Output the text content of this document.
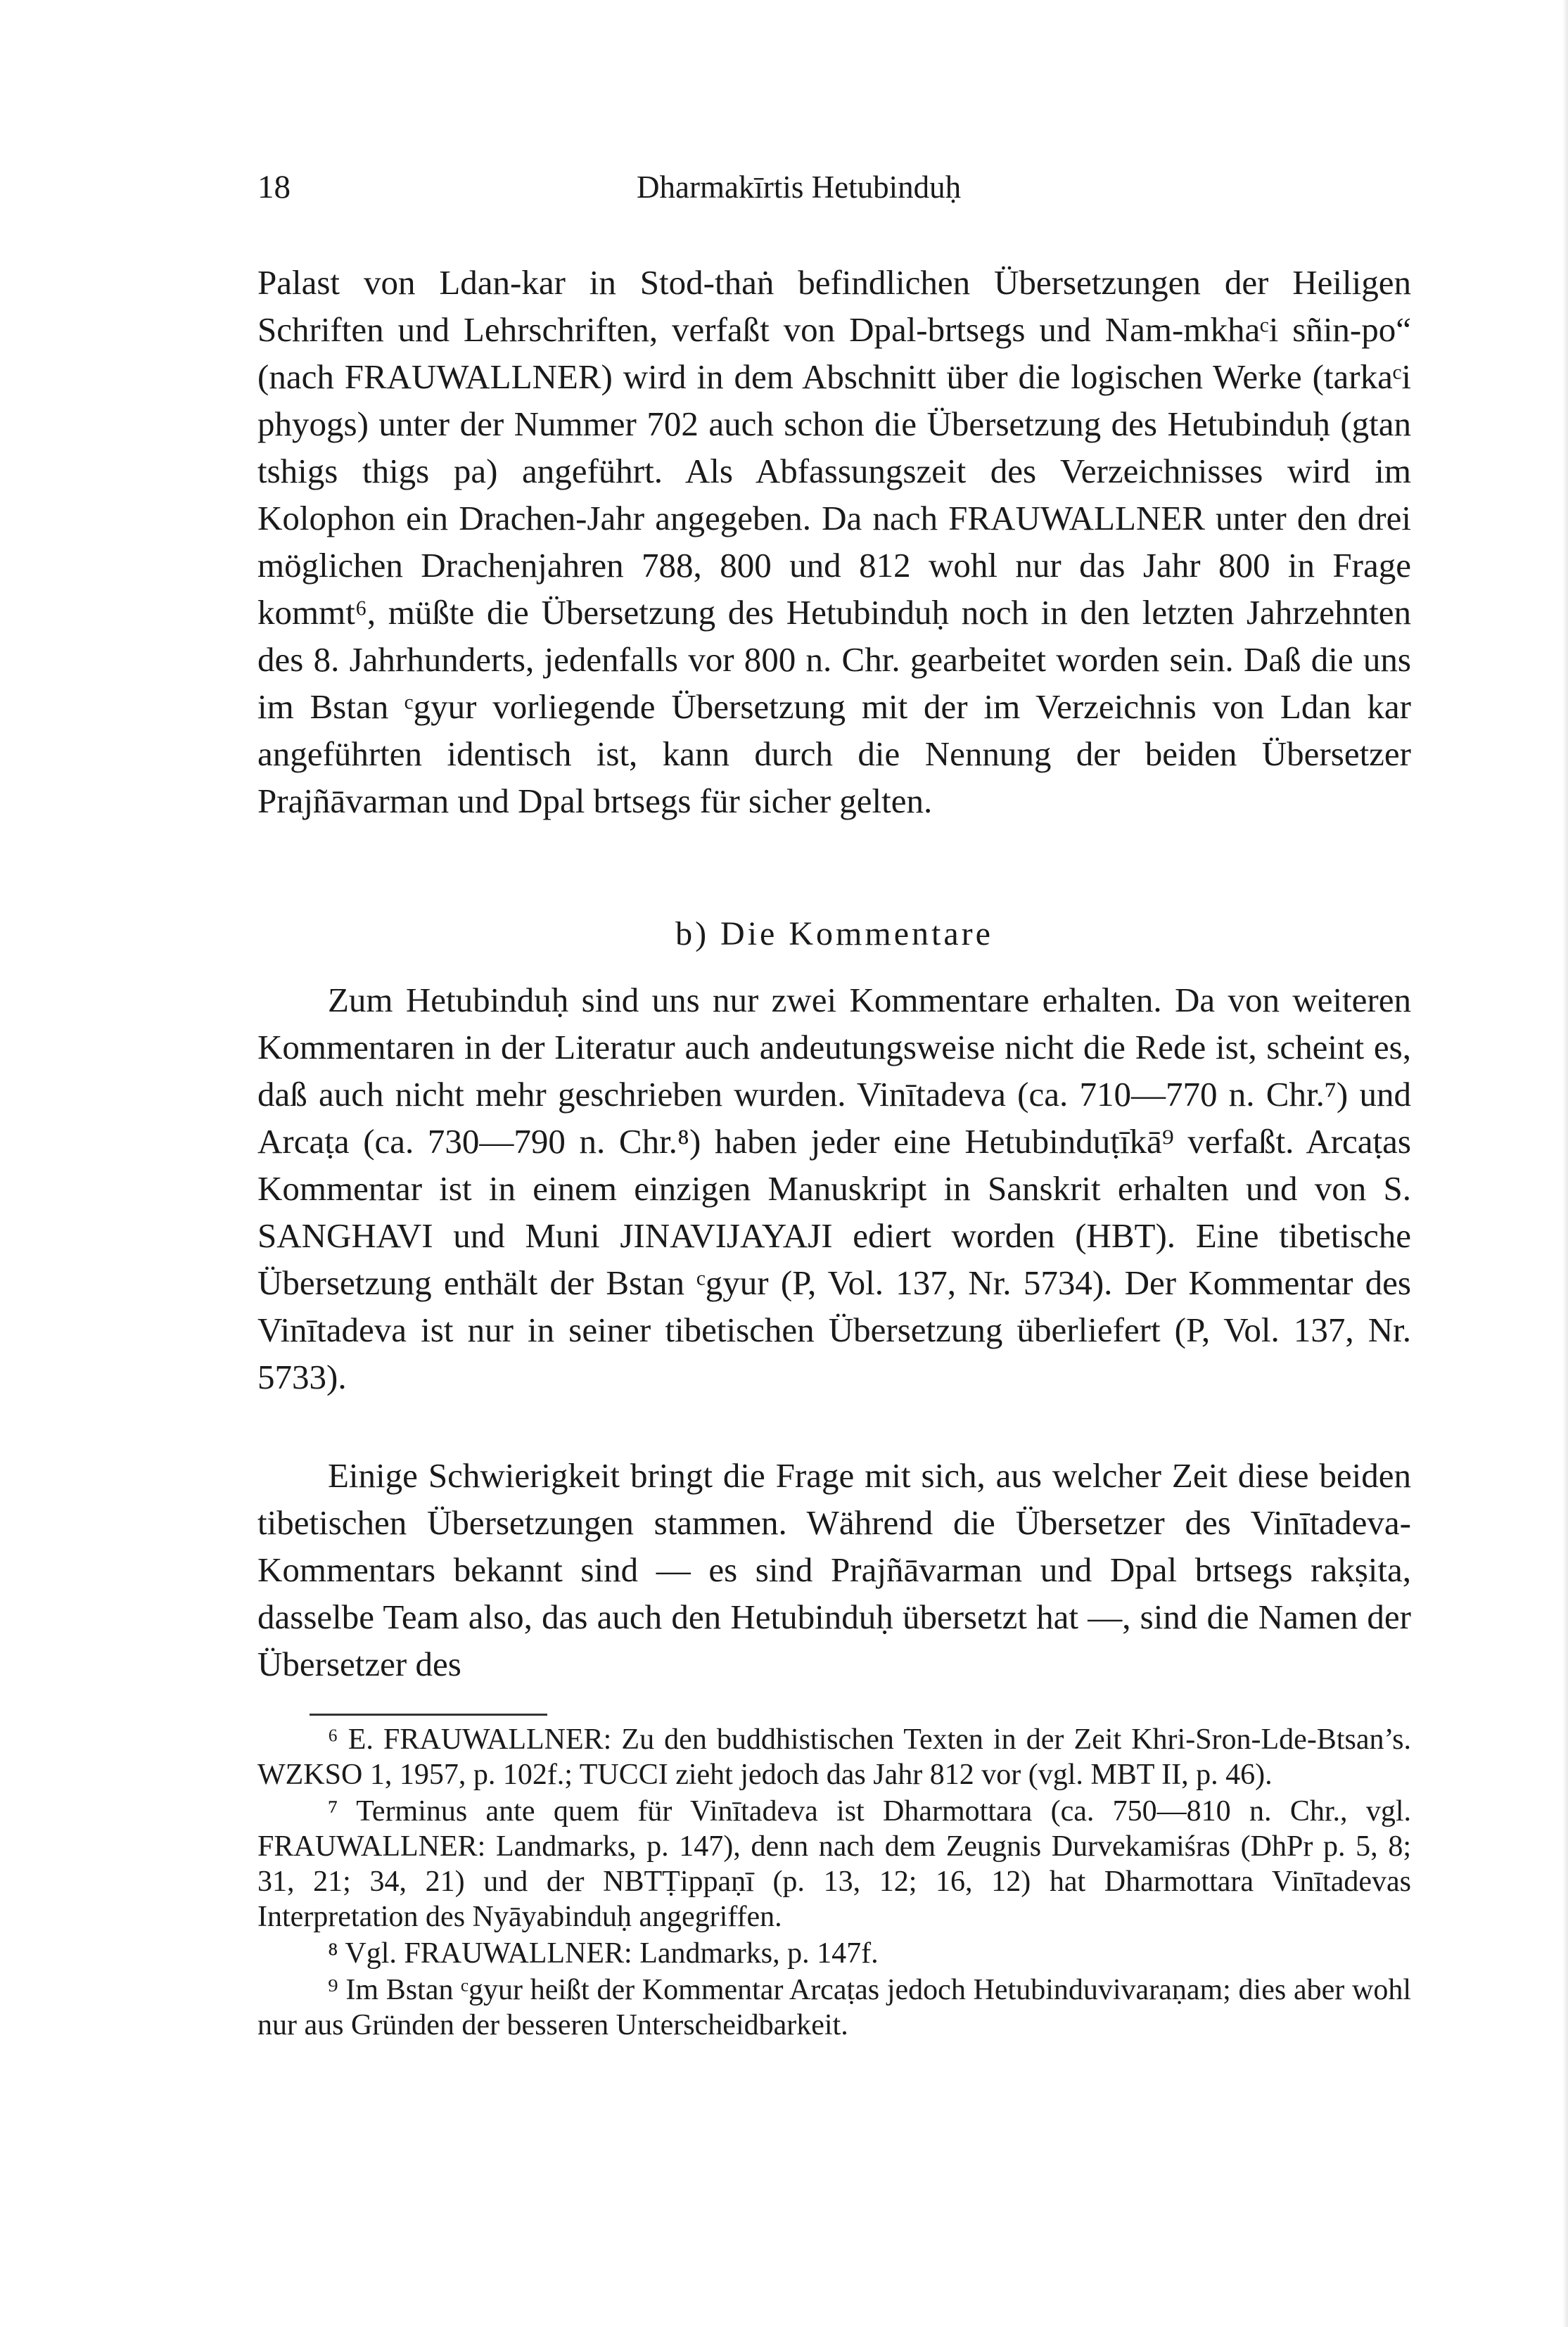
18	Dharmakīrtis Hetubinduḥ

Palast von Ldan-kar in Stod-thaṅ befindlichen Übersetzungen der Heiligen Schriften und Lehrschriften, verfaßt von Dpal-brtsegs und Nam-mkhaᶜi sñin-po“ (nach FRAUWALLNER) wird in dem Abschnitt über die logischen Werke (tarkaᶜi phyogs) unter der Nummer 702 auch schon die Übersetzung des Hetubinduḥ (gtan tshigs thigs pa) angeführt. Als Abfassungszeit des Verzeichnisses wird im Kolophon ein Drachen-Jahr angegeben. Da nach FRAUWALLNER unter den drei möglichen Drachenjahren 788, 800 und 812 wohl nur das Jahr 800 in Frage kommt⁶, müßte die Übersetzung des Hetubinduḥ noch in den letzten Jahrzehnten des 8. Jahrhunderts, jedenfalls vor 800 n. Chr. gearbeitet worden sein. Daß die uns im Bstan ᶜgyur vorliegende Übersetzung mit der im Verzeichnis von Ldan kar angeführten identisch ist, kann durch die Nennung der beiden Übersetzer Prajñāvarman und Dpal brtsegs für sicher gelten.

b) Die Kommentare

Zum Hetubinduḥ sind uns nur zwei Kommentare erhalten. Da von weiteren Kommentaren in der Literatur auch andeutungsweise nicht die Rede ist, scheint es, daß auch nicht mehr geschrieben wurden. Vinītadeva (ca. 710—770 n. Chr.⁷) und Arcaṭa (ca. 730—790 n. Chr.⁸) haben jeder eine Hetubinduṭīkā⁹ verfaßt. Arcaṭas Kommentar ist in einem einzigen Manuskript in Sanskrit erhalten und von S. SANGHAVI und Muni JINAVIJAYAJI ediert worden (HBT). Eine tibetische Übersetzung enthält der Bstan ᶜgyur (P, Vol. 137, Nr. 5734). Der Kommentar des Vinītadeva ist nur in seiner tibetischen Übersetzung überliefert (P, Vol. 137, Nr. 5733).

Einige Schwierigkeit bringt die Frage mit sich, aus welcher Zeit diese beiden tibetischen Übersetzungen stammen. Während die Übersetzer des Vinītadeva-Kommentars bekannt sind — es sind Prajñāvarman und Dpal brtsegs rakṣita, dasselbe Team also, das auch den Hetubinduḥ übersetzt hat —, sind die Namen der Übersetzer des

⁶ E. FRAUWALLNER: Zu den buddhistischen Texten in der Zeit Khri-Sron-Lde-Btsan’s. WZKSO 1, 1957, p. 102f.; TUCCI zieht jedoch das Jahr 812 vor (vgl. MBT II, p. 46).

⁷ Terminus ante quem für Vinītadeva ist Dharmottara (ca. 750—810 n. Chr., vgl. FRAUWALLNER: Landmarks, p. 147), denn nach dem Zeugnis Durvekamiśras (DhPr p. 5, 8; 31, 21; 34, 21) und der NBTṬippaṇī (p. 13, 12; 16, 12) hat Dharmottara Vinītadevas Interpretation des Nyāyabinduḥ angegriffen.

⁸ Vgl. FRAUWALLNER: Landmarks, p. 147f.

⁹ Im Bstan ᶜgyur heißt der Kommentar Arcaṭas jedoch Hetubinduvivaraṇam; dies aber wohl nur aus Gründen der besseren Unterscheidbarkeit.
